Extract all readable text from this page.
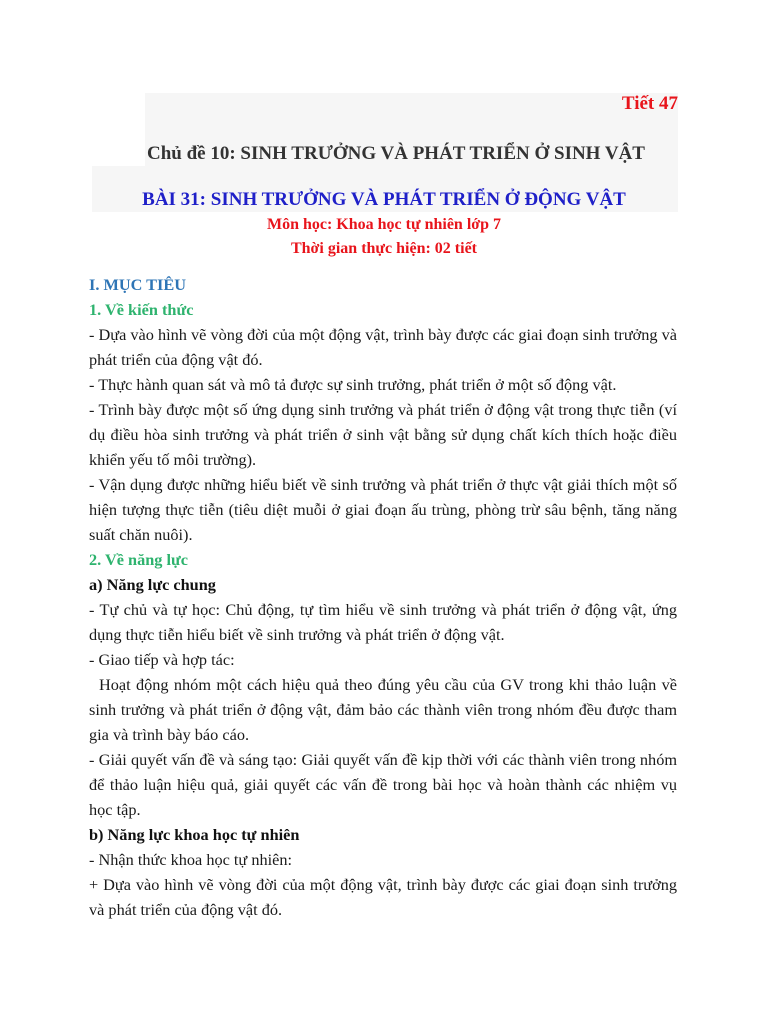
Tiết 47
Chủ đề 10: SINH TRƯỞNG VÀ PHÁT TRIỂN Ở SINH VẬT
BÀI 31: SINH TRƯỞNG VÀ PHÁT TRIỂN Ở ĐỘNG VẬT
Môn học: Khoa học tự nhiên lớp 7
Thời gian thực hiện: 02 tiết
I. MỤC TIÊU
1. Về kiến thức
- Dựa vào hình vẽ vòng đời của một động vật, trình bày được các giai đoạn sinh trưởng và phát triển của động vật đó.
- Thực hành quan sát và mô tả được sự sinh trưởng, phát triển ở một số động vật.
- Trình bày được một số ứng dụng sinh trưởng và phát triển ở động vật trong thực tiễn (ví dụ điều hòa sinh trưởng và phát triển ở sinh vật bằng sử dụng chất kích thích hoặc điều khiển yếu tố môi trường).
- Vận dụng được những hiểu biết về sinh trưởng và phát triển ở thực vật giải thích một số hiện tượng thực tiễn (tiêu diệt muỗi ở giai đoạn ấu trùng, phòng trừ sâu bệnh, tăng năng suất chăn nuôi).
2. Về năng lực
a) Năng lực chung
- Tự chủ và tự học: Chủ động, tự tìm hiểu về sinh trưởng và phát triển ở động vật, ứng dụng thực tiễn hiểu biết về sinh trưởng và phát triển ở động vật.
- Giao tiếp và hợp tác:
Hoạt động nhóm một cách hiệu quả theo đúng yêu cầu của GV trong khi thảo luận về sinh trưởng và phát triển ở động vật, đảm bảo các thành viên trong nhóm đều được tham gia và trình bày báo cáo.
- Giải quyết vấn đề và sáng tạo: Giải quyết vấn đề kịp thời với các thành viên trong nhóm để thảo luận hiệu quả, giải quyết các vấn đề trong bài học và hoàn thành các nhiệm vụ học tập.
b) Năng lực khoa học tự nhiên
- Nhận thức khoa học tự nhiên:
+ Dựa vào hình vẽ vòng đời của một động vật, trình bày được các giai đoạn sinh trưởng và phát triển của động vật đó.
